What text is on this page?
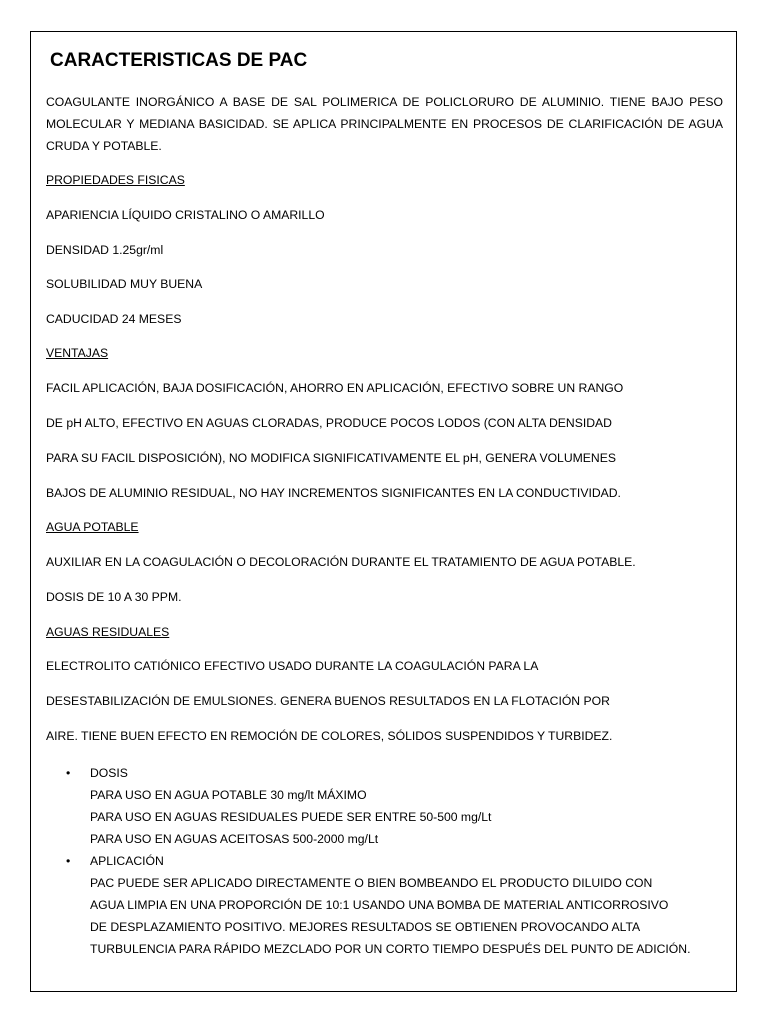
CARACTERISTICAS DE PAC

COAGULANTE INORGÁNICO A BASE DE SAL POLIMERICA DE POLICLORURO DE ALUMINIO. TIENE BAJO PESO MOLECULAR Y MEDIANA BASICIDAD. SE APLICA PRINCIPALMENTE EN PROCESOS DE CLARIFICACIÓN DE AGUA CRUDA Y POTABLE.

PROPIEDADES FISICAS

APARIENCIA LÍQUIDO CRISTALINO O AMARILLO

DENSIDAD 1.25gr/ml

SOLUBILIDAD MUY BUENA

CADUCIDAD 24 MESES

VENTAJAS

FACIL APLICACIÓN, BAJA DOSIFICACIÓN, AHORRO EN APLICACIÓN, EFECTIVO SOBRE UN RANGO

DE pH ALTO, EFECTIVO EN AGUAS CLORADAS, PRODUCE POCOS LODOS (CON ALTA DENSIDAD

PARA SU FACIL DISPOSICIÓN), NO MODIFICA SIGNIFICATIVAMENTE EL pH, GENERA VOLUMENES

BAJOS DE ALUMINIO RESIDUAL, NO HAY INCREMENTOS SIGNIFICANTES EN LA CONDUCTIVIDAD.

AGUA POTABLE

AUXILIAR EN LA COAGULACIÓN O DECOLORACIÓN DURANTE EL TRATAMIENTO DE AGUA POTABLE.

DOSIS DE 10 A 30 PPM.

AGUAS RESIDUALES

ELECTROLITO CATIÓNICO EFECTIVO USADO DURANTE LA COAGULACIÓN PARA LA

DESESTABILIZACIÓN DE EMULSIONES. GENERA BUENOS RESULTADOS EN LA FLOTACIÓN POR

AIRE. TIENE BUEN EFECTO EN REMOCIÓN DE COLORES, SÓLIDOS SUSPENDIDOS Y TURBIDEZ.

• DOSIS
PARA USO EN AGUA POTABLE 30 mg/lt MÁXIMO
PARA USO EN AGUAS RESIDUALES PUEDE SER ENTRE 50-500 mg/Lt
PARA USO EN AGUAS ACEITOSAS 500-2000 mg/Lt
• APLICACIÓN
PAC PUEDE SER APLICADO DIRECTAMENTE O BIEN BOMBEANDO EL PRODUCTO DILUIDO CON
AGUA LIMPIA EN UNA PROPORCIÓN DE 10:1 USANDO UNA BOMBA DE MATERIAL ANTICORROSIVO
DE DESPLAZAMIENTO POSITIVO. MEJORES RESULTADOS SE OBTIENEN PROVOCANDO ALTA
TURBULENCIA PARA RÁPIDO MEZCLADO POR UN CORTO TIEMPO DESPUÉS DEL PUNTO DE ADICIÓN.
